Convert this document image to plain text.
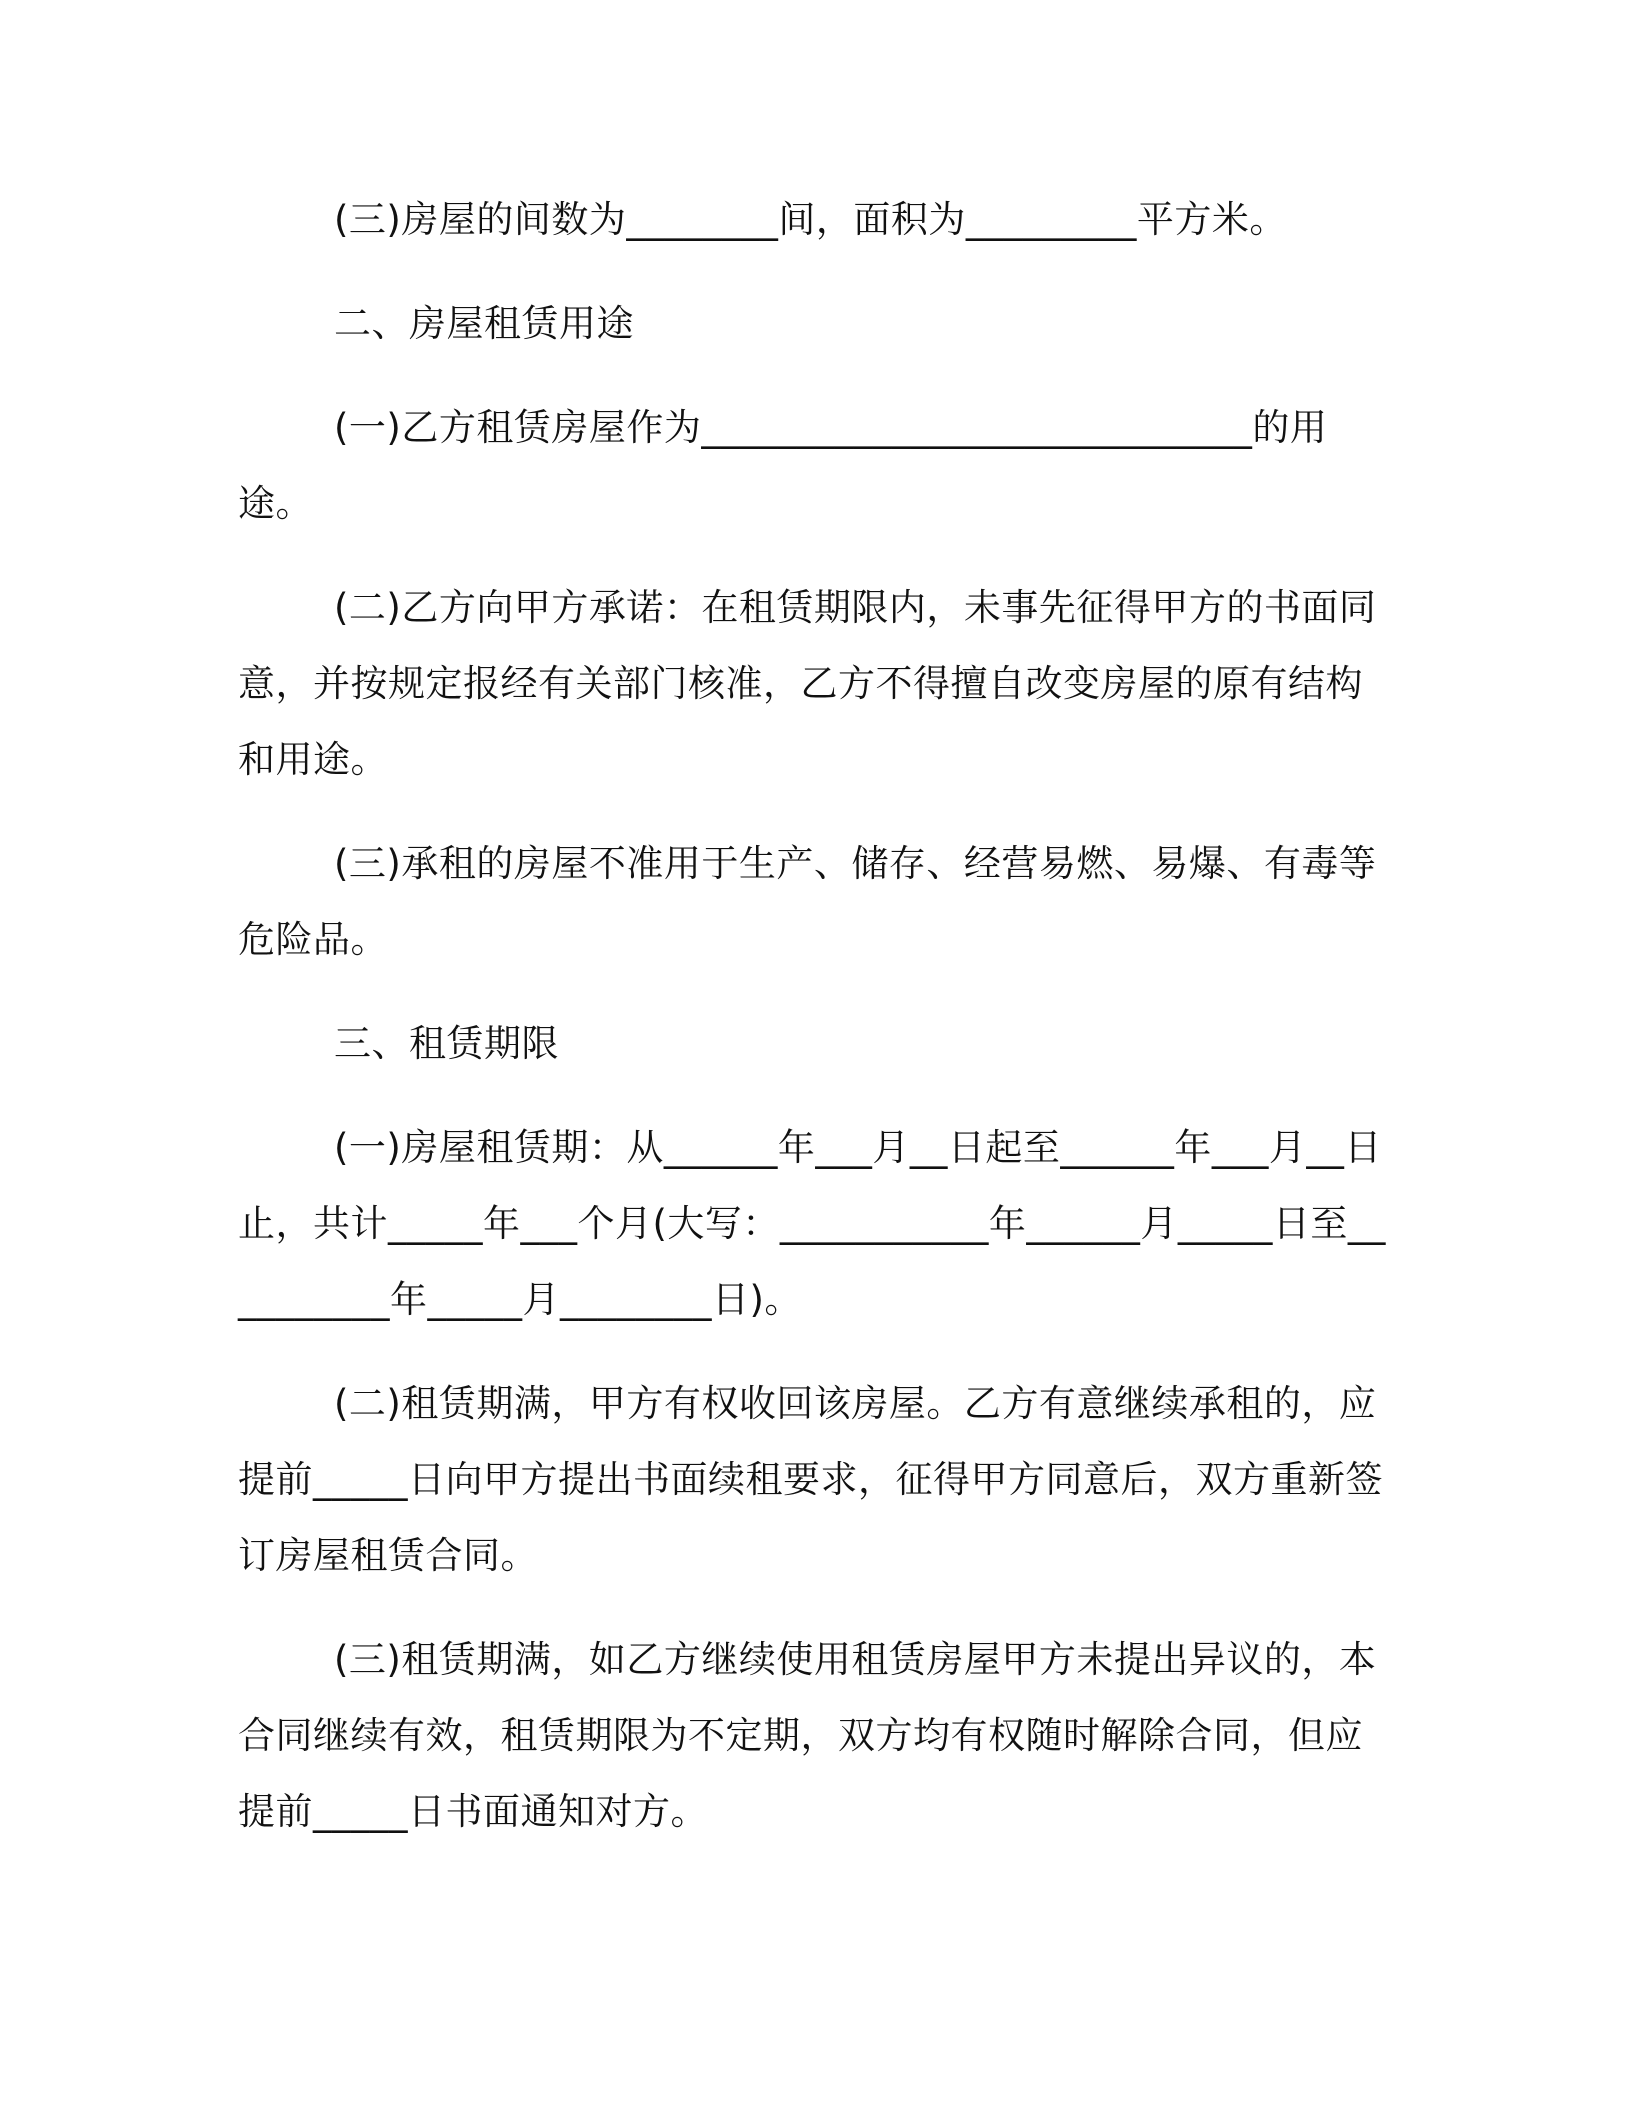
(三)房屋的间数为________间，面积为_________平方米。

二、房屋租赁用途

(一)乙方租赁房屋作为_____________________________的用途。

(二)乙方向甲方承诺：在租赁期限内，未事先征得甲方的书面同意，并按规定报经有关部门核准，乙方不得擅自改变房屋的原有结构和用途。

(三)承租的房屋不准用于生产、储存、经营易燃、易爆、有毒等危险品。

三、租赁期限

(一)房屋租赁期：从______年___月__日起至______年___月__日止，共计_____年___个月(大写：___________年______月_____日至__________年_____月________日)。

(二)租赁期满，甲方有权收回该房屋。乙方有意继续承租的，应提前_____日向甲方提出书面续租要求，征得甲方同意后，双方重新签订房屋租赁合同。

(三)租赁期满，如乙方继续使用租赁房屋甲方未提出异议的，本合同继续有效，租赁期限为不定期，双方均有权随时解除合同，但应提前_____日书面通知对方。
